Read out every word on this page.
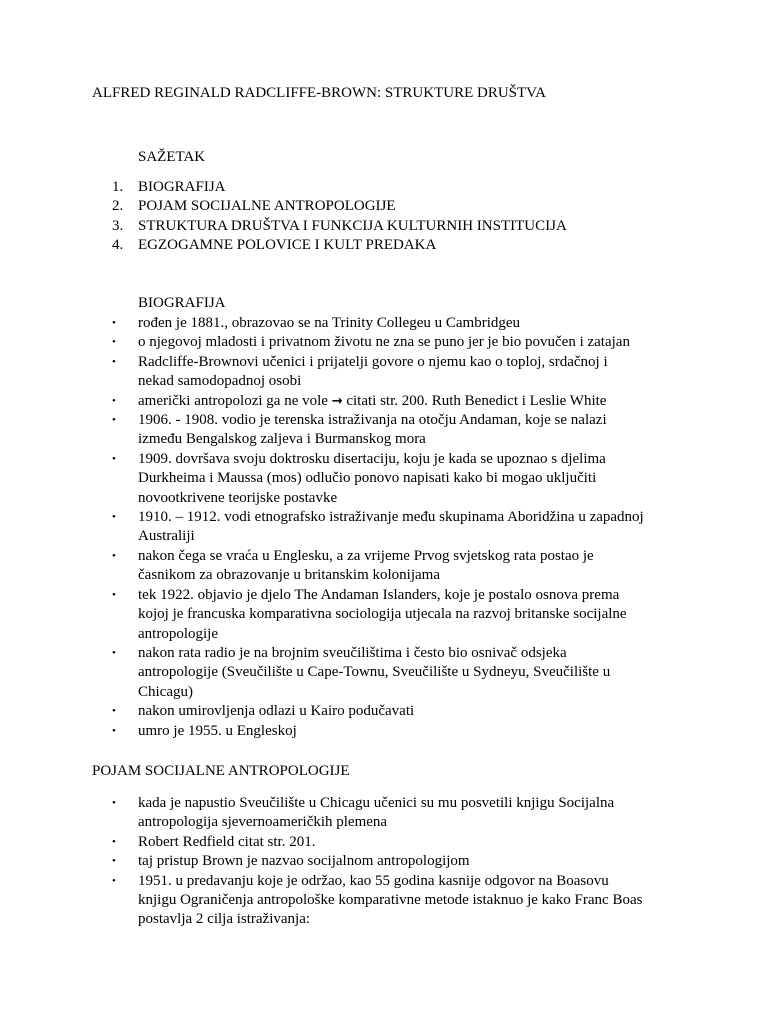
ALFRED REGINALD RADCLIFFE-BROWN: STRUKTURE DRUŠTVA
SAŽETAK
1. BIOGRAFIJA
2. POJAM SOCIJALNE ANTROPOLOGIJE
3. STRUKTURA DRUŠTVA I FUNKCIJA KULTURNIH INSTITUCIJA
4. EGZOGAMNE POLOVICE I KULT PREDAKA
BIOGRAFIJA
• rođen je 1881., obrazovao se na Trinity Collegeu u Cambridgeu
• o njegovoj mladosti i privatnom životu ne zna se puno jer je bio povučen i zatajan
• Radcliffe-Brownovi učenici i prijatelji govore o njemu kao o toploj, srdačnoj i nekad samodopadnoj osobi
• američki antropolozi ga ne vole → citati str. 200. Ruth Benedict i Leslie White
• 1906. - 1908. vodio je terenska istraživanja na otočju Andaman, koje se nalazi između Bengalskog zaljeva i Burmanskog mora
• 1909. dovršava svoju doktrosku disertaciju, koju je kada se upoznao s djelima Durkheima i Maussa (mos) odlučio ponovo napisati kako bi mogao uključiti novootkrivene teorijske postavke
• 1910. – 1912. vodi etnografsko istraživanje među skupinama Aboridžina u zapadnoj Australiji
• nakon čega se vraća u Englesku, a za vrijeme Prvog svjetskog rata postao je časnikom za obrazovanje u britanskim kolonijama
• tek 1922. objavio je djelo The Andaman Islanders, koje je postalo osnova prema kojoj je francuska komparativna sociologija utjecala na razvoj britanske socijalne antropologije
• nakon rata radio je na brojnim sveučilištima i često bio osnivač odsjeka antropologije (Sveučilište u Cape-Townu, Sveučilište u Sydneyu, Sveučilište u Chicagu)
• nakon umirovljenja odlazi u Kairo podučavati
• umro je 1955. u Engleskoj
POJAM SOCIJALNE ANTROPOLOGIJE
• kada je napustio Sveučilište u Chicagu učenici su mu posvetili knjigu Socijalna antropologija sjevernoameričkih plemena
• Robert Redfield citat str. 201.
• taj pristup Brown je nazvao socijalnom antropologijom
• 1951. u predavanju koje je održao, kao 55 godina kasnije odgovor na Boasovu knjigu Ograničenja antropološke komparativne metode istaknuo je kako Franc Boas postavlja 2 cilja istraživanja:
